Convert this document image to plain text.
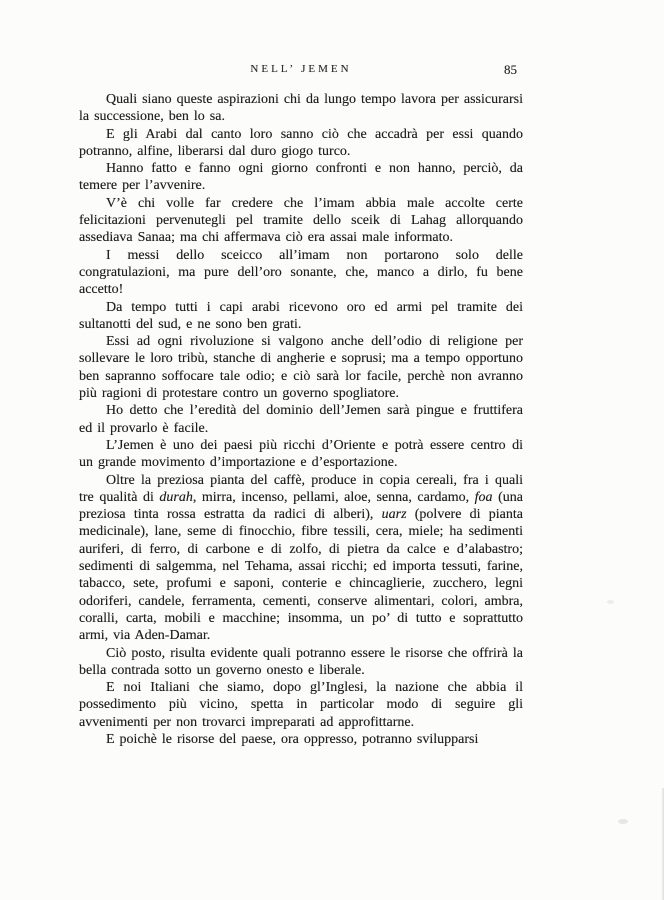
NELL’ JEMEN	85

Quali siano queste aspirazioni chi da lungo tempo lavora per assicurarsi la successione, ben lo sa.

E gli Arabi dal canto loro sanno ciò che accadrà per essi quando potranno, alfine, liberarsi dal duro giogo turco.

Hanno fatto e fanno ogni giorno confronti e non hanno, perciò, da temere per l’avvenire.

V’è chi volle far credere che l’imam abbia male accolte certe felicitazioni pervenutegli pel tramite dello sceik di Lahag allorquando assediava Sanaa; ma chi affermava ciò era assai male informato.

I messi dello sceicco all’imam non portarono solo delle congratulazioni, ma pure dell’oro sonante, che, manco a dirlo, fu bene accetto!

Da tempo tutti i capi arabi ricevono oro ed armi pel tramite dei sultanotti del sud, e ne sono ben grati.

Essi ad ogni rivoluzione si valgono anche dell’odio di religione per sollevare le loro tribù, stanche di angherie e soprusi; ma a tempo opportuno ben sapranno soffocare tale odio; e ciò sarà lor facile, perchè non avranno più ragioni di protestare contro un governo spogliatore.

Ho detto che l’eredità del dominio dell’Jemen sarà pingue e fruttifera ed il provarlo è facile.

L’Jemen è uno dei paesi più ricchi d’Oriente e potrà essere centro di un grande movimento d’importazione e d’esportazione.

Oltre la preziosa pianta del caffè, produce in copia cereali, fra i quali tre qualità di durah, mirra, incenso, pellami, aloe, senna, cardamo, foa (una preziosa tinta rossa estratta da radici di alberi), uarz (polvere di pianta medicinale), lane, seme di finocchio, fibre tessili, cera, miele; ha sedimenti auriferi, di ferro, di carbone e di zolfo, di pietra da calce e d’alabastro; sedimenti di salgemma, nel Tehama, assai ricchi; ed importa tessuti, farine, tabacco, sete, profumi e saponi, conterie e chincaglierie, zucchero, legni odoriferi, candele, ferramenta, cementi, conserve alimentari, colori, ambra, coralli, carta, mobili e macchine; insomma, un po’ di tutto e soprattutto armi, via Aden-Damar.

Ciò posto, risulta evidente quali potranno essere le risorse che offrirà la bella contrada sotto un governo onesto e liberale.

E noi Italiani che siamo, dopo gl’Inglesi, la nazione che abbia il possedimento più vicino, spetta in particolar modo di seguire gli avvenimenti per non trovarci impreparati ad approfittarne.

E poichè le risorse del paese, ora oppresso, potranno svilupparsi
